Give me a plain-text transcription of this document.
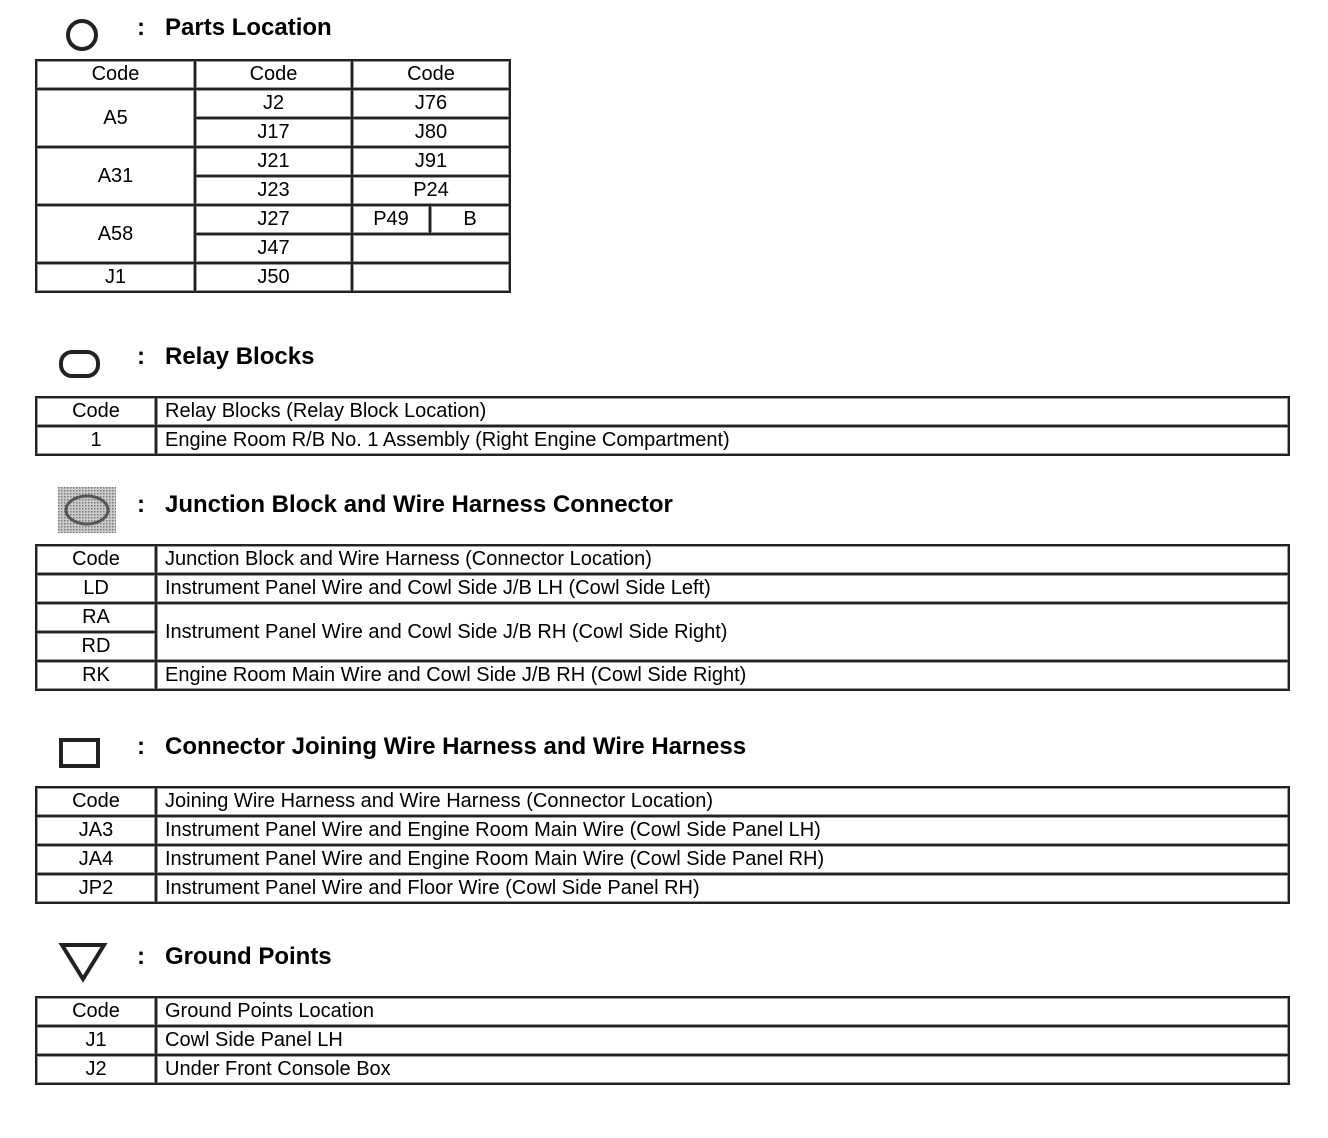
: Parts Location
Code	Code	Code	
A5	J2	J76	
	J17	J80	
A31	J21	J91	
	J23	P24	
A58	J27	P49	B
	J47		
J1	J50		
: Relay Blocks
Code	Relay Blocks (Relay Block Location)
1	Engine Room R/B No. 1 Assembly (Right Engine Compartment)
: Junction Block and Wire Harness Connector
Code	Junction Block and Wire Harness (Connector Location)
LD	Instrument Panel Wire and Cowl Side J/B LH (Cowl Side Left)
RA	Instrument Panel Wire and Cowl Side J/B RH (Cowl Side Right)
RD	
RK	Engine Room Main Wire and Cowl Side J/B RH (Cowl Side Right)
: Connector Joining Wire Harness and Wire Harness
Code	Joining Wire Harness and Wire Harness (Connector Location)
JA3	Instrument Panel Wire and Engine Room Main Wire (Cowl Side Panel LH)
JA4	Instrument Panel Wire and Engine Room Main Wire (Cowl Side Panel RH)
JP2	Instrument Panel Wire and Floor Wire (Cowl Side Panel RH)
: Ground Points
Code	Ground Points Location
J1	Cowl Side Panel LH
J2	Under Front Console Box
